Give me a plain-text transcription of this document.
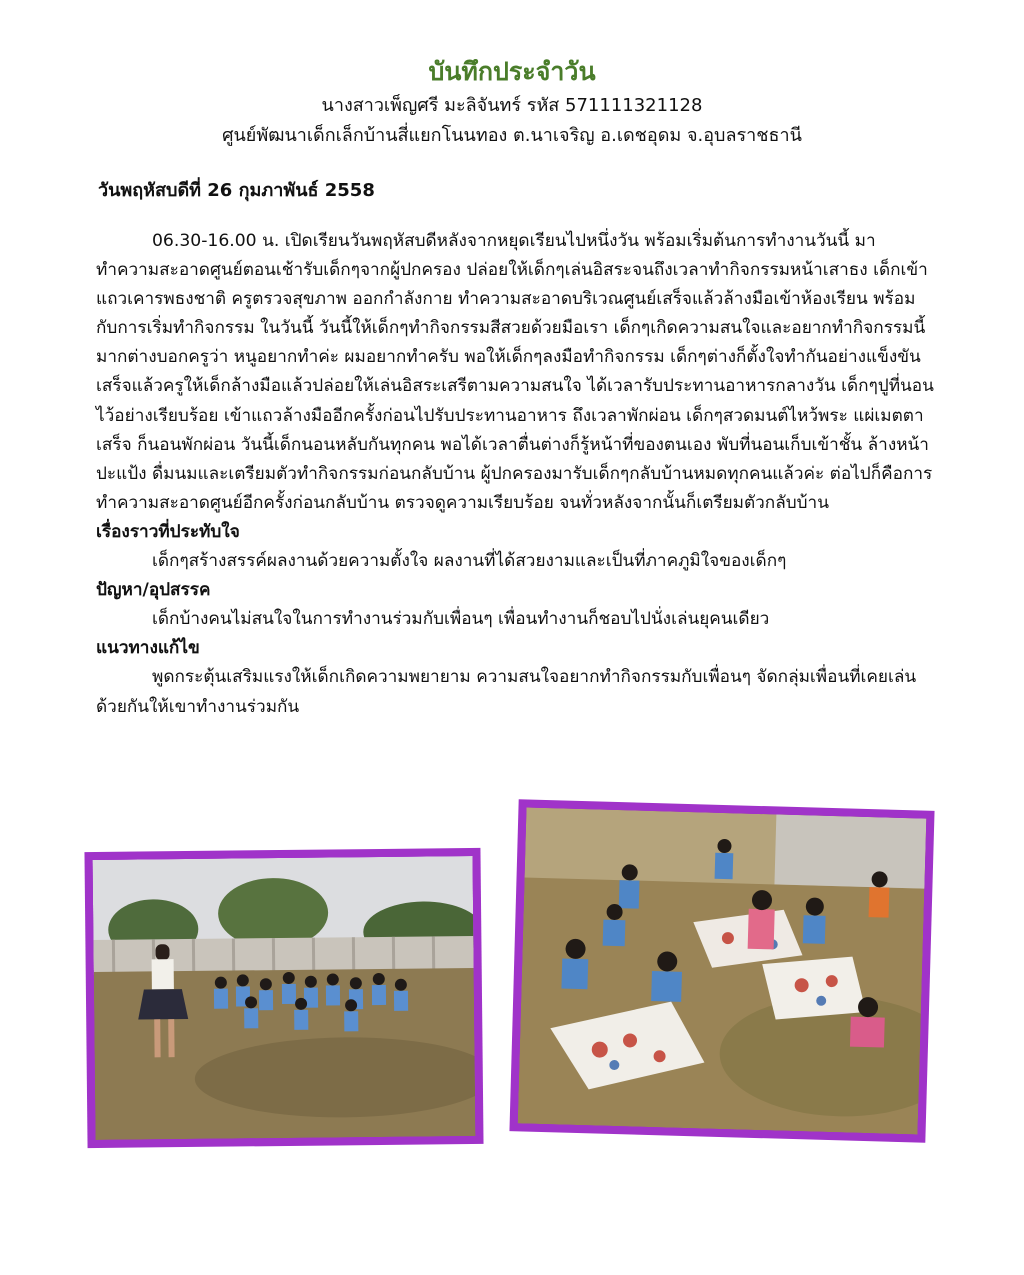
บันทึกประจำวัน
นางสาวเพ็ญศรี มะลิจันทร์ รหัส 571111321128
ศูนย์พัฒนาเด็กเล็กบ้านสี่แยกโนนทอง ต.นาเจริญ อ.เดชอุดม จ.อุบลราชธานี
วันพฤหัสบดีที่ 26 กุมภาพันธ์ 2558
06.30-16.00 น. เปิดเรียนวันพฤหัสบดีหลังจากหยุดเรียนไปหนึ่งวัน พร้อมเริ่มต้นการทำงานวันนี้ มาทำความสะอาดศูนย์ตอนเช้ารับเด็กๆจากผู้ปกครอง ปล่อยให้เด็กๆเล่นอิสระจนถึงเวลาทำกิจกรรมหน้าเสาธง เด็กเข้าแถวเคารพธงชาติ ครูตรวจสุขภาพ ออกกำลังกาย ทำความสะอาดบริเวณศูนย์เสร็จแล้วล้างมือเข้าห้องเรียน พร้อมกับการเริ่มทำกิจกรรม ในวันนี้ วันนี้ให้เด็กๆทำกิจกรรมสีสวยด้วยมือเรา เด็กๆเกิดความสนใจและอยากทำกิจกรรมนี้มากต่างบอกครูว่า หนูอยากทำค่ะ ผมอยากทำครับ พอให้เด็กๆลงมือทำกิจกรรม เด็กๆต่างก็ตั้งใจทำกันอย่างแข็งขัน เสร็จแล้วครูให้เด็กล้างมือแล้วปล่อยให้เล่นอิสระเสรีตามความสนใจ ได้เวลารับประทานอาหารกลางวัน เด็กๆปูที่นอนไว้อย่างเรียบร้อย เข้าแถวล้างมืออีกครั้งก่อนไปรับประทานอาหาร ถึงเวลาพักผ่อน เด็กๆสวดมนต์ไหว้พระ แผ่เมตตาเสร็จ ก็นอนพักผ่อน วันนี้เด็กนอนหลับกันทุกคน พอได้เวลาตื่นต่างก็รู้หน้าที่ของตนเอง พับที่นอนเก็บเข้าชั้น ล้างหน้า ปะแป้ง ดื่มนมและเตรียมตัวทำกิจกรรมก่อนกลับบ้าน ผู้ปกครองมารับเด็กๆกลับบ้านหมดทุกคนแล้วค่ะ ต่อไปก็คือการทำความสะอาดศูนย์อีกครั้งก่อนกลับบ้าน ตรวจดูความเรียบร้อย จนทั่วหลังจากนั้นก็เตรียมตัวกลับบ้าน
เรื่องราวที่ประทับใจ
เด็กๆสร้างสรรค์ผลงานด้วยความตั้งใจ ผลงานที่ได้สวยงามและเป็นที่ภาคภูมิใจของเด็กๆ
ปัญหา/อุปสรรค
เด็กบ้างคนไม่สนใจในการทำงานร่วมกับเพื่อนๆ เพื่อนทำงานก็ชอบไปนั่งเล่นยุคนเดียว
แนวทางแก้ไข
พูดกระตุ้นเสริมแรงให้เด็กเกิดความพยายาม ความสนใจอยากทำกิจกรรมกับเพื่อนๆ จัดกลุ่มเพื่อนที่เคยเล่นด้วยกันให้เขาทำงานร่วมกัน
